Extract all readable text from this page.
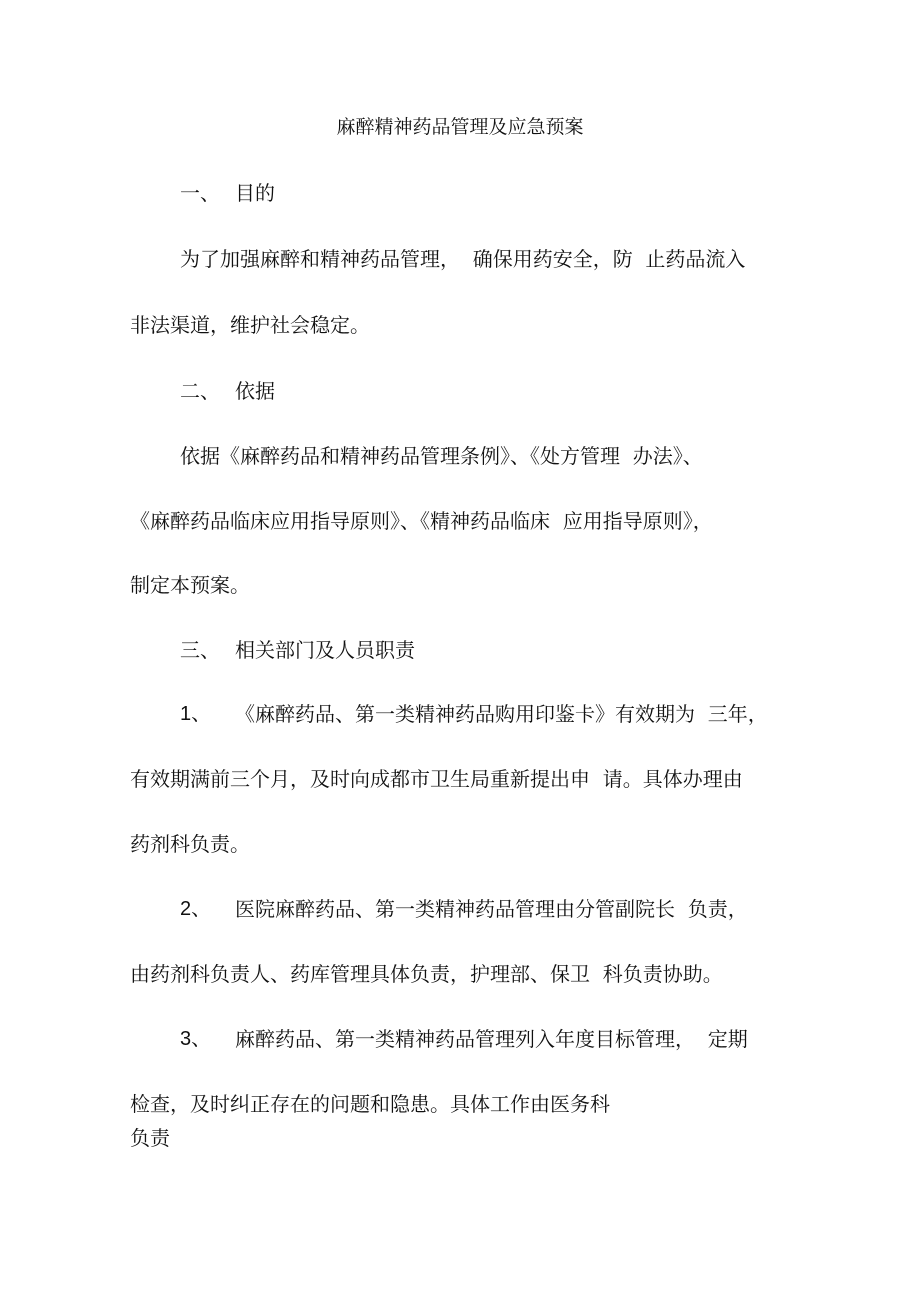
麻醉精神药品管理及应急预案
一、 目的
为了加强麻醉和精神药品管理，  确保用药安全，防  止药品流入
非法渠道，维护社会稳定。
二、 依据
依据《麻醉药品和精神药品管理条例》、《处方管理  办法》、
《麻醉药品临床应用指导原则》、《精神药品临床  应用指导原则》，
制定本预案。
三、 相关部门及人员职责
1、 《麻醉药品、第一类精神药品购用印鉴卡》有效期为  三年，
有效期满前三个月，及时向成都市卫生局重新提出申  请。具体办理由
药剂科负责。
2、 医院麻醉药品、第一类精神药品管理由分管副院长  负责，
由药剂科负责人、药库管理具体负责，护理部、保卫  科负责协助。
3、 麻醉药品、第一类精神药品管理列入年度目标管理，  定期
检查，及时纠正存在的问题和隐患。具体工作由医务科
负责
